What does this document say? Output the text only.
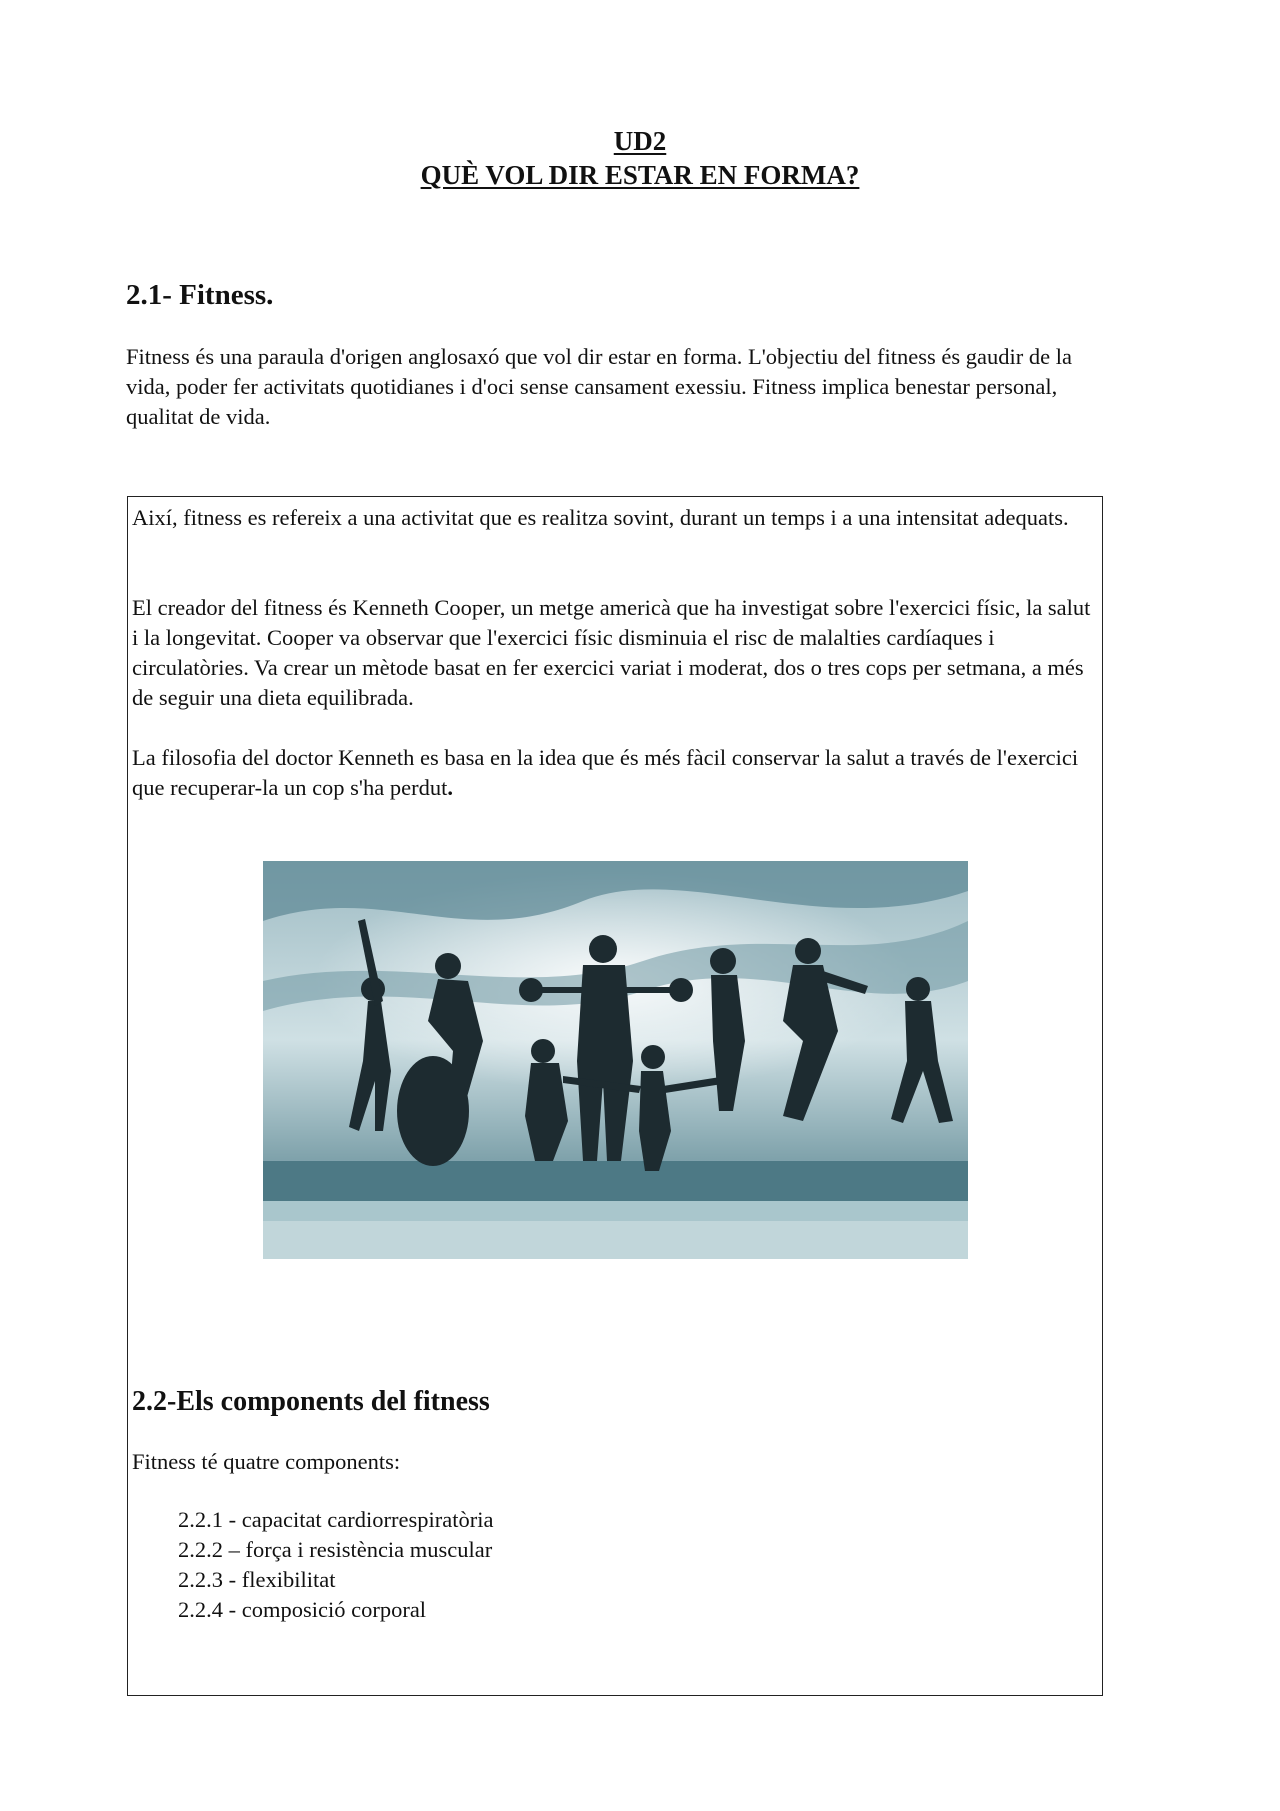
UD2
QUÈ VOL DIR ESTAR EN FORMA?
2.1- Fitness.

Fitness és una paraula d'origen anglosaxó que vol dir estar en forma. L'objectiu del fitness és gaudir de la vida, poder fer activitats quotidianes i d'oci sense cansament exessiu. Fitness implica benestar personal, qualitat de vida.

Així, fitness es refereix a una activitat que es realitza sovint, durant un temps i a una intensitat adequats.

El creador del fitness és Kenneth Cooper, un metge americà que ha investigat sobre l'exercici físic, la salut i la longevitat. Cooper va observar que l'exercici físic disminuia el risc de malalties cardíaques i circulatòries. Va crear un mètode basat en fer exercici variat i moderat, dos o tres cops per setmana, a més de seguir una dieta equilibrada.

La filosofia del doctor Kenneth es basa en la idea que és més fàcil conservar la salut a través de l'exercici que recuperar-la un cop s'ha perdut.

2.2-Els components del fitness

Fitness té quatre components:

2.2.1 - capacitat cardiorrespiratòria
2.2.2 – força i resistència muscular
2.2.3 - flexibilitat
2.2.4 - composició corporal
